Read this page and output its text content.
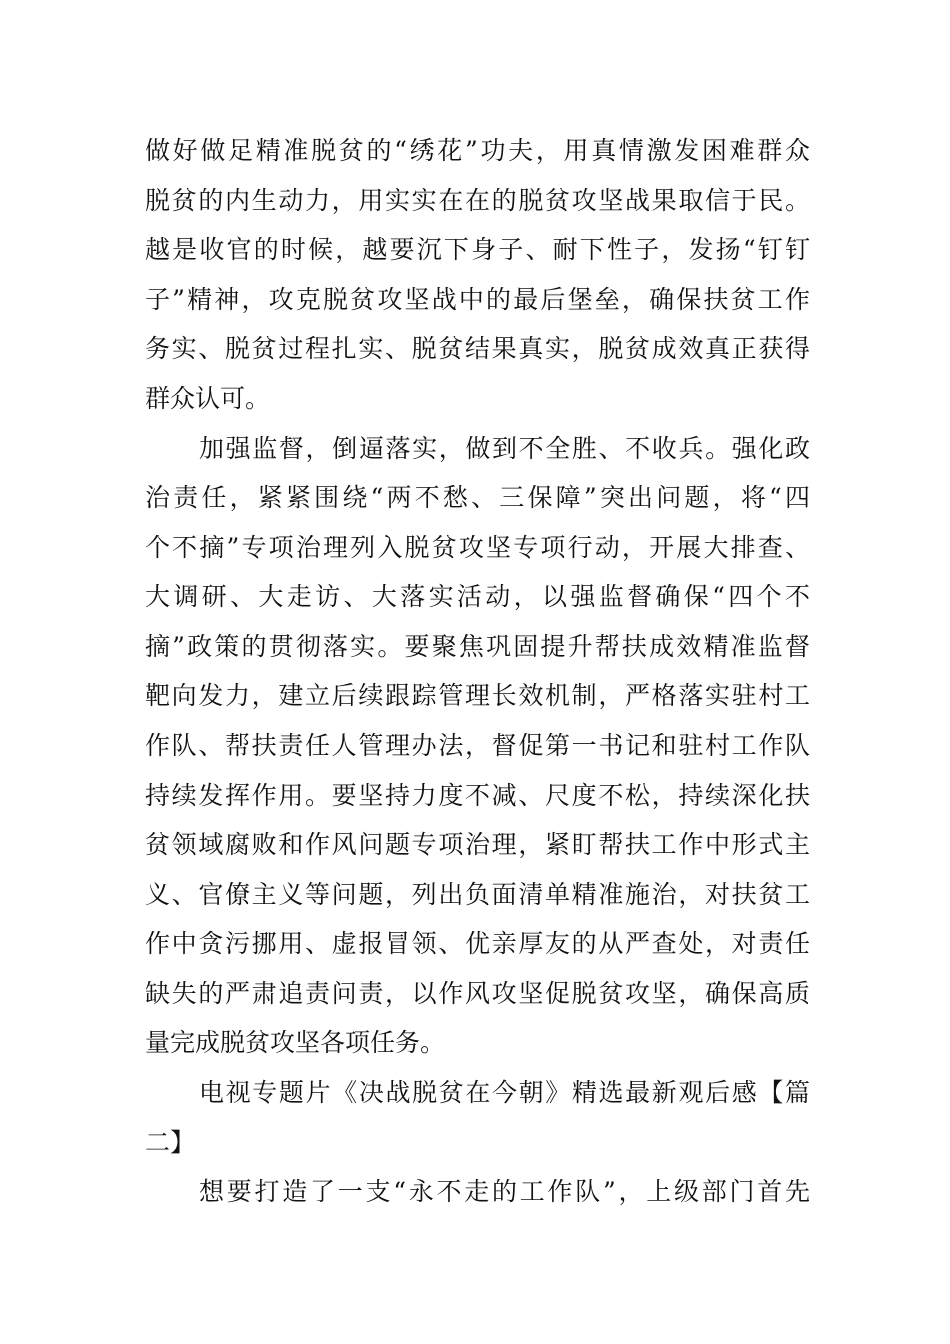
做好做足精准脱贫的“绣花”功夫，用真情激发困难群众
脱贫的内生动力，用实实在在的脱贫攻坚战果取信于民。
越是收官的时候，越要沉下身子、耐下性子，发扬“钉钉
子”精神，攻克脱贫攻坚战中的最后堡垒，确保扶贫工作
务实、脱贫过程扎实、脱贫结果真实，脱贫成效真正获得
群众认可。
加强监督，倒逼落实，做到不全胜、不收兵。强化政
治责任，紧紧围绕“两不愁、三保障”突出问题，将“四
个不摘”专项治理列入脱贫攻坚专项行动，开展大排查、
大调研、大走访、大落实活动，以强监督确保“四个不
摘”政策的贯彻落实。要聚焦巩固提升帮扶成效精准监督
靶向发力，建立后续跟踪管理长效机制，严格落实驻村工
作队、帮扶责任人管理办法，督促第一书记和驻村工作队
持续发挥作用。要坚持力度不减、尺度不松，持续深化扶
贫领域腐败和作风问题专项治理，紧盯帮扶工作中形式主
义、官僚主义等问题，列出负面清单精准施治，对扶贫工
作中贪污挪用、虚报冒领、优亲厚友的从严查处，对责任
缺失的严肃追责问责，以作风攻坚促脱贫攻坚，确保高质
量完成脱贫攻坚各项任务。
电视专题片《决战脱贫在今朝》精选最新观后感【篇
二】
想要打造了一支“永不走的工作队”，上级部门首先
